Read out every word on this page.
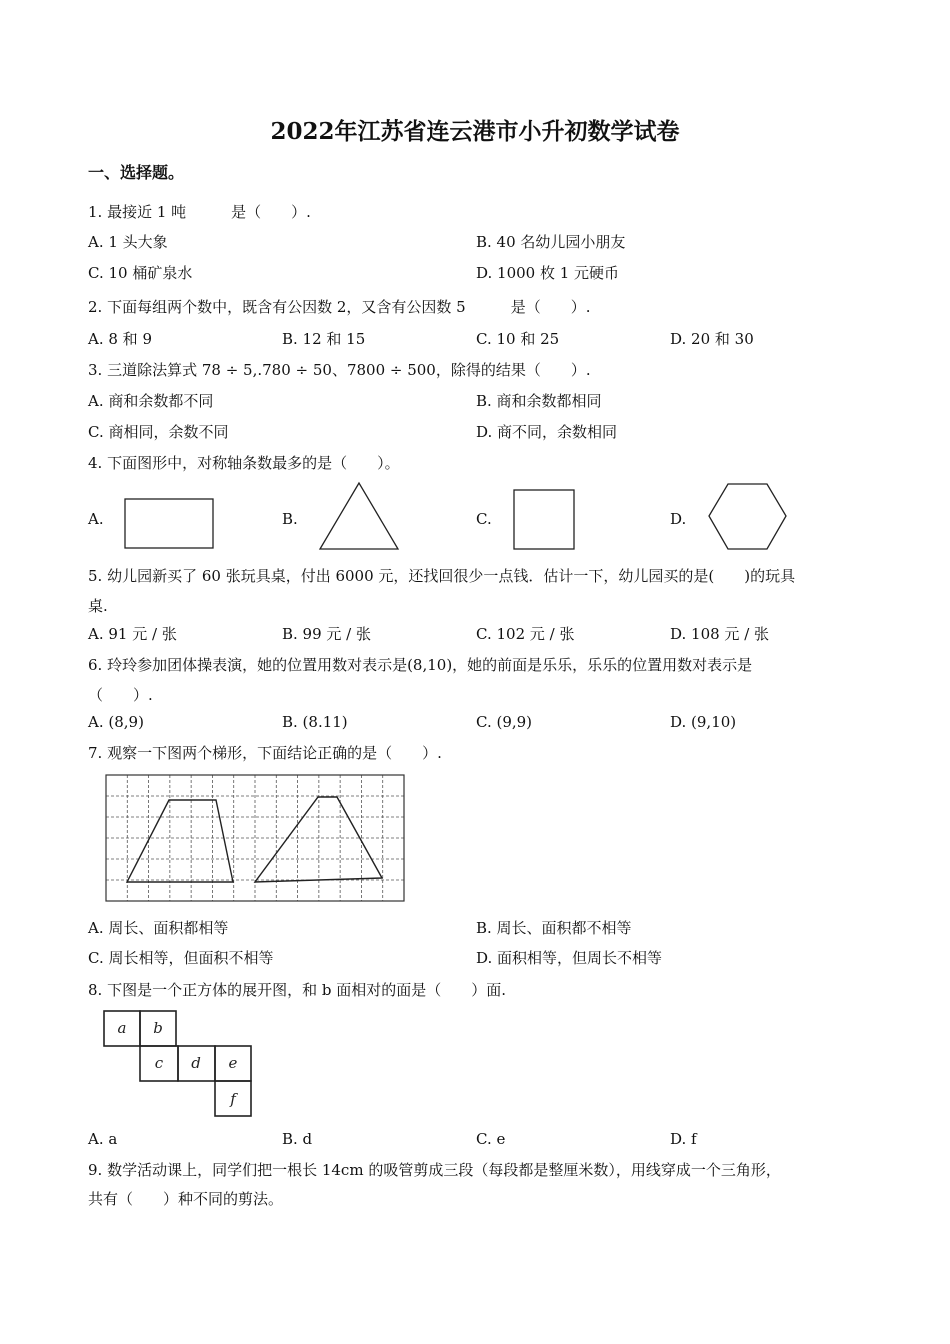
2022年江苏省连云港市小升初数学试卷
一、选择题。
1. 最接近 1 吨　　　是（　　）.
A. 1 头大象	B. 40 名幼儿园小朋友
C. 10 桶矿泉水	D. 1000 枚 1 元硬币
2. 下面每组两个数中，既含有公因数 2，又含有公因数 5　　　是（　　）.
A. 8 和 9	B. 12 和 15	C. 10 和 25	D. 20 和 30
3. 三道除法算式 78 ÷ 5,.780 ÷ 50、7800 ÷ 500，除得的结果（　　）.
A. 商和余数都不同	B. 商和余数都相同
C. 商相同，余数不同	D. 商不同，余数相同
4. 下面图形中，对称轴条数最多的是（　　）。
A.	B.	C.	D.
5. 幼儿园新买了 60 张玩具桌，付出 6000 元，还找回很少一点钱．估计一下，幼儿园买的是(　　)的玩具
桌.
A. 91 元 / 张	B. 99 元 / 张	C. 102 元 / 张	D. 108 元 / 张
6. 玲玲参加团体操表演，她的位置用数对表示是(8,10)，她的前面是乐乐，乐乐的位置用数对表示是
（　　）.
A. (8,9)	B. (8.11)	C. (9,9)	D. (9,10)
7. 观察一下图两个梯形，下面结论正确的是（　　）.
A. 周长、面积都相等	B. 周长、面积都不相等
C. 周长相等，但面积不相等	D. 面积相等，但周长不相等
8. 下图是一个正方体的展开图，和 b 面相对的面是（　　）面.
a b
c d e
f
A. a	B. d	C. e	D. f
9. 数学活动课上，同学们把一根长 14cm 的吸管剪成三段（每段都是整厘米数），用线穿成一个三角形，
共有（　　）种不同的剪法。
